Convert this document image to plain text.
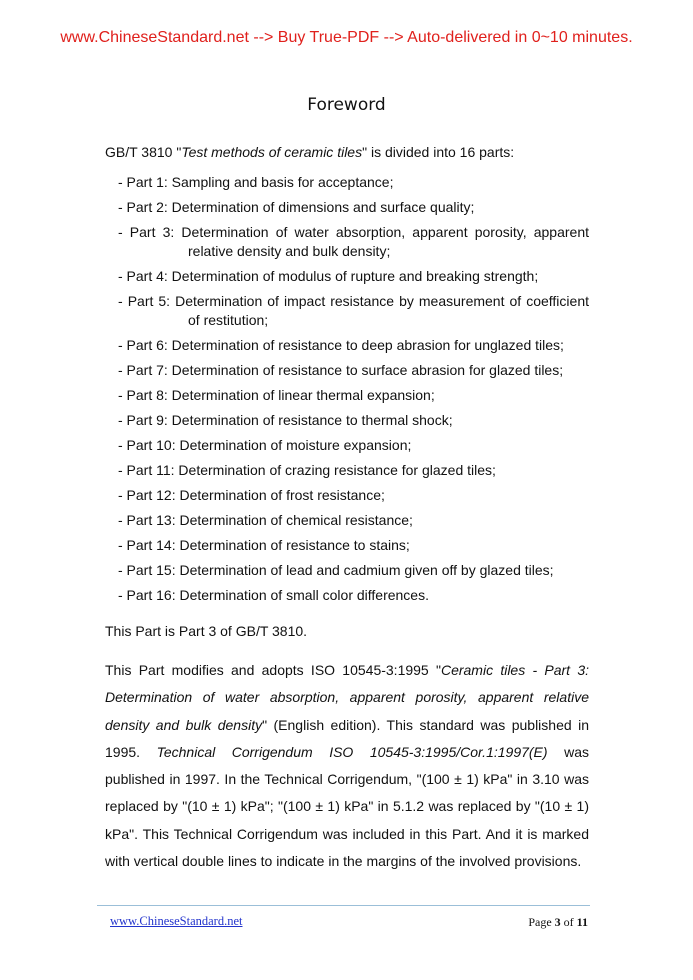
www.ChineseStandard.net --> Buy True-PDF --> Auto-delivered in 0~10 minutes.
Foreword
GB/T 3810 "Test methods of ceramic tiles" is divided into 16 parts:
- Part 1: Sampling and basis for acceptance;
- Part 2: Determination of dimensions and surface quality;
- Part 3: Determination of water absorption, apparent porosity, apparent relative density and bulk density;
- Part 4: Determination of modulus of rupture and breaking strength;
- Part 5: Determination of impact resistance by measurement of coefficient of restitution;
- Part 6: Determination of resistance to deep abrasion for unglazed tiles;
- Part 7: Determination of resistance to surface abrasion for glazed tiles;
- Part 8: Determination of linear thermal expansion;
- Part 9: Determination of resistance to thermal shock;
- Part 10: Determination of moisture expansion;
- Part 11: Determination of crazing resistance for glazed tiles;
- Part 12: Determination of frost resistance;
- Part 13: Determination of chemical resistance;
- Part 14: Determination of resistance to stains;
- Part 15: Determination of lead and cadmium given off by glazed tiles;
- Part 16: Determination of small color differences.
This Part is Part 3 of GB/T 3810.

This Part modifies and adopts ISO 10545-3:1995 "Ceramic tiles - Part 3: Determination of water absorption, apparent porosity, apparent relative density and bulk density" (English edition). This standard was published in 1995. Technical Corrigendum ISO 10545-3:1995/Cor.1:1997(E) was published in 1997. In the Technical Corrigendum, "(100 ± 1) kPa" in 3.10 was replaced by "(10 ± 1) kPa"; "(100 ± 1) kPa" in 5.1.2 was replaced by "(10 ± 1) kPa". This Technical Corrigendum was included in this Part. And it is marked with vertical double lines to indicate in the margins of the involved provisions.

www.ChineseStandard.net	Page 3 of 11
